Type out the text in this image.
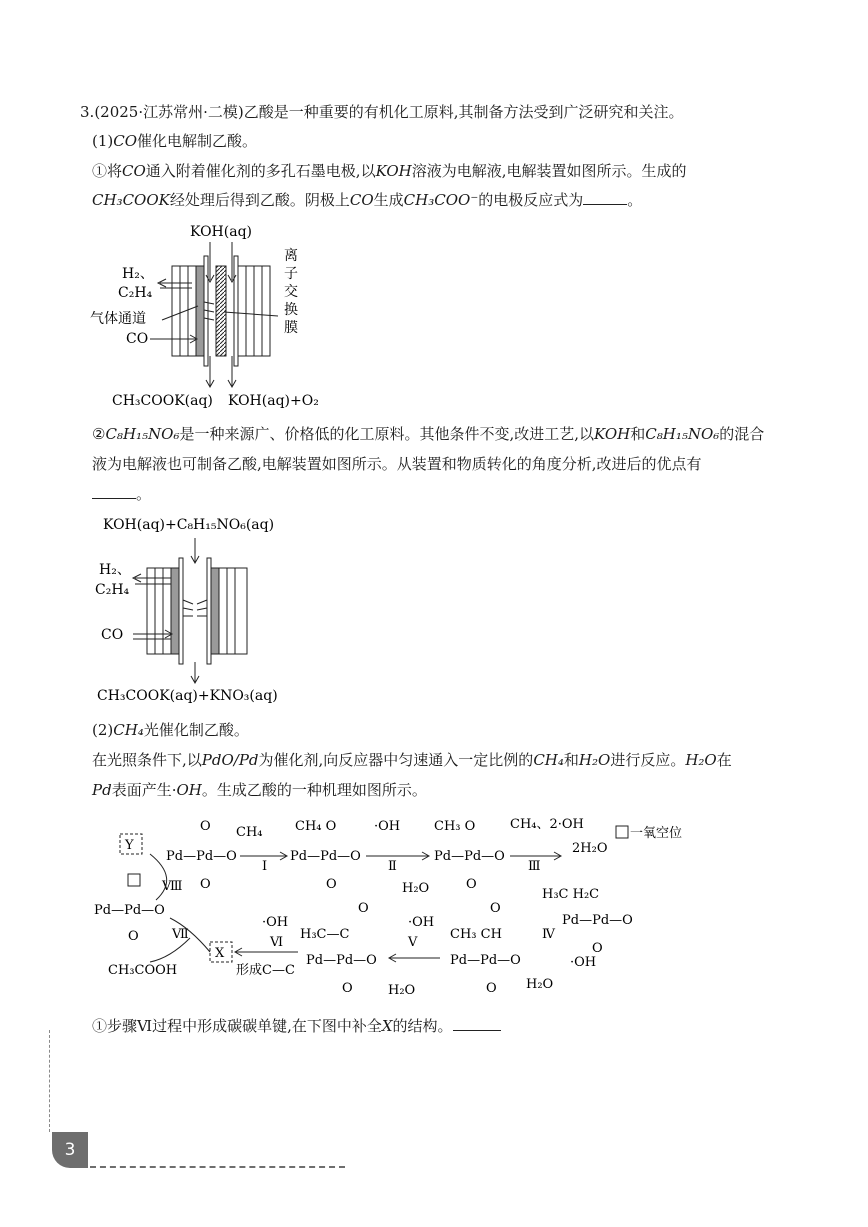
3.(2025·江苏常州·二模)乙酸是一种重要的有机化工原料,其制备方法受到广泛研究和关注。
(1)CO催化电解制乙酸。
①将CO通入附着催化剂的多孔石墨电极,以KOH溶液为电解液,电解装置如图所示。生成的
CH₃COOK经处理后得到乙酸。阴极上CO生成CH₃COO⁻的电极反应式为	。
KOH(aq)
H₂、
C₂H₄
气体通道
CO
离
子
交
换
膜
CH₃COOK(aq) KOH(aq)+O₂
②C₈H₁₅NO₆是一种来源广、价格低的化工原料。其他条件不变,改进工艺,以KOH和C₈H₁₅NO₆的混合
液为电解液也可制备乙酸,电解装置如图所示。从装置和物质转化的角度分析,改进后的优点有
。
KOH(aq)+C₈H₁₅NO₆(aq)
H₂、
C₂H₄
CO
CH₃COOK(aq)+KNO₃(aq)
(2)CH₄光催化制乙酸。
在光照条件下,以PdO/Pd为催化剂,向反应器中匀速通入一定比例的CH₄和H₂O进行反应。H₂O在
Pd表面产生·OH。生成乙酸的一种机理如图所示。
Y
Pd—Pd—O
O
O
CH₄
Ⅰ
Pd—Pd—O
CH₄ O
O
·OH
Ⅱ
H₂O
Pd—Pd—O
CH₃ O
O
CH₄、2·OH
Ⅲ
2H₂O
一氧空位
H₃C H₂C
Pd—Pd—O
O
Ⅳ
·OH
H₂O
CH₃ CH
O
Pd—Pd—O
O
·OH
Ⅴ
H₂O
H₃C—C
O
Pd—Pd—O
O
·OH
X
Ⅵ
形成C—C
CH₃COOH
Ⅶ
Pd—Pd—O
O
Ⅷ
①步骤Ⅵ过程中形成碳碳单键,在下图中补全X的结构。
3
